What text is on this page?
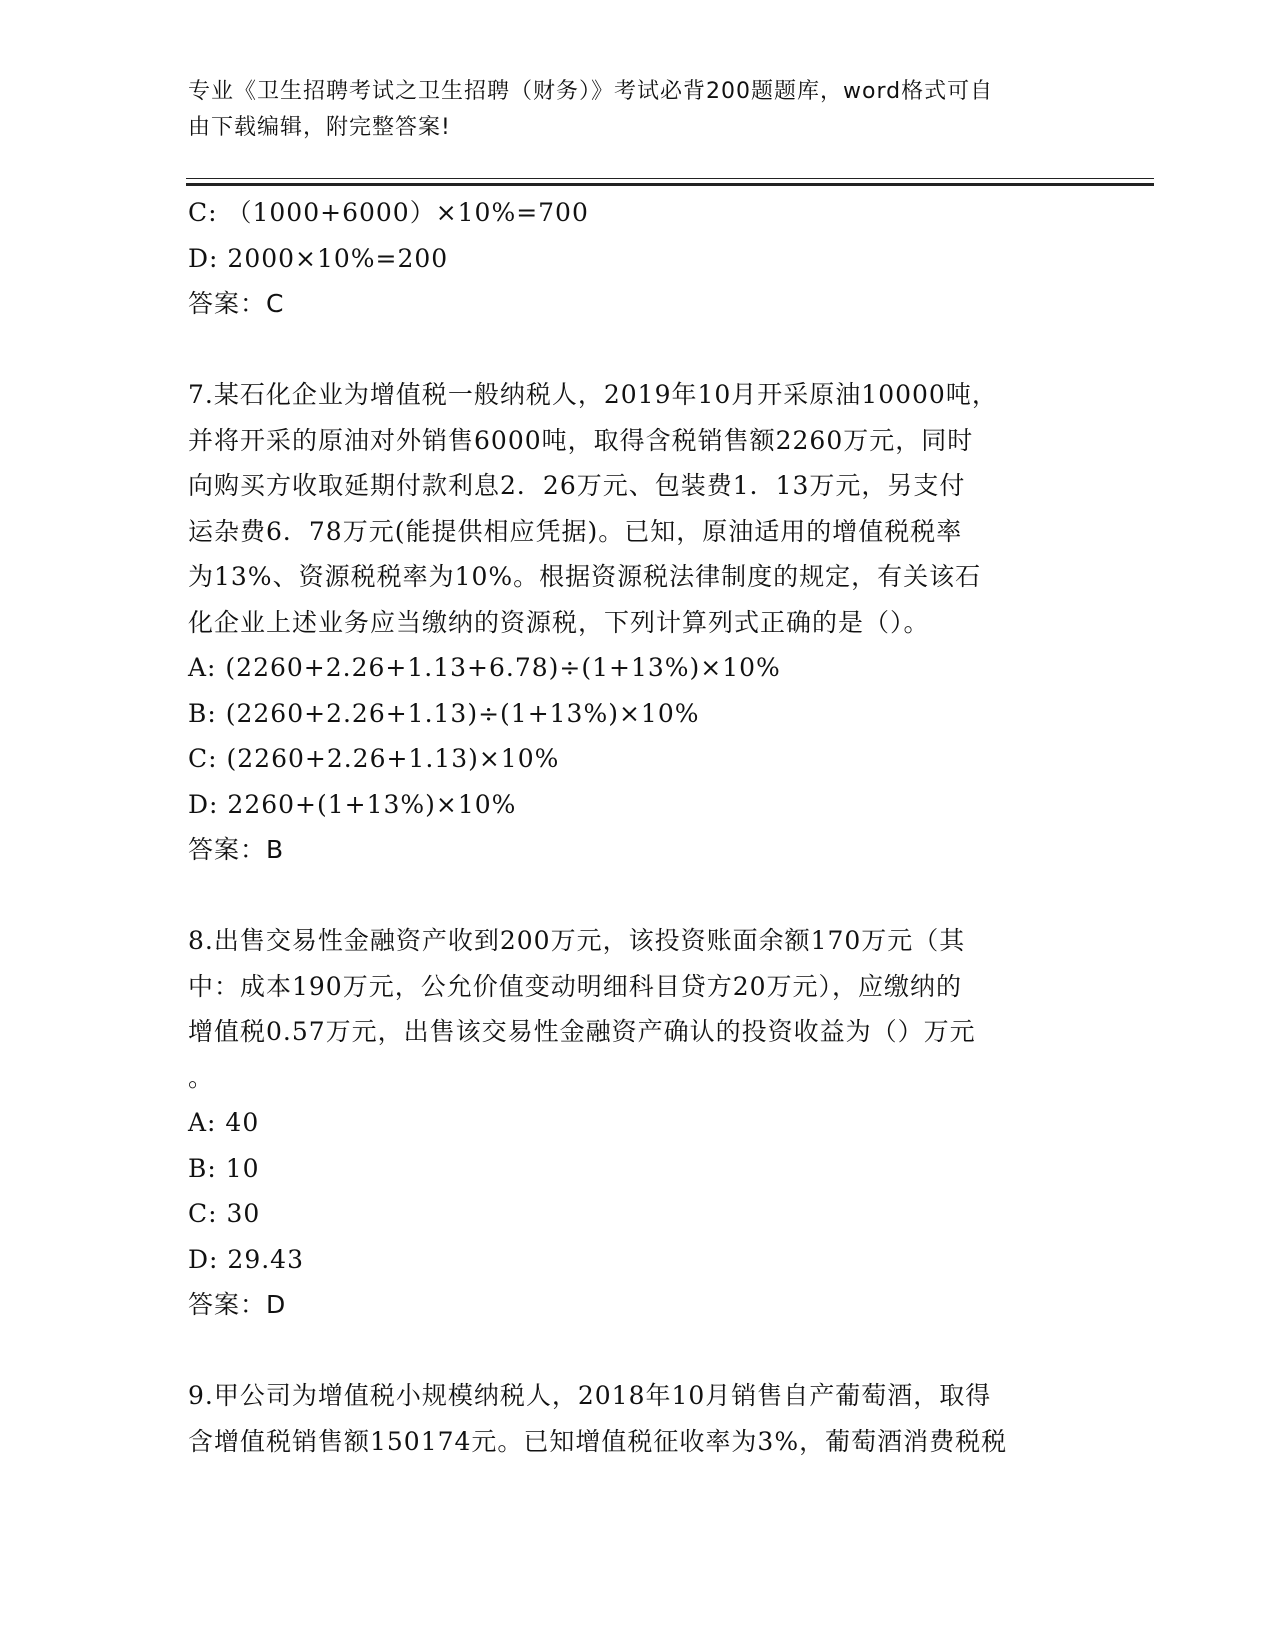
专业《卫生招聘考试之卫生招聘（财务）》考试必背200题题库，word格式可自
由下载编辑，附完整答案!
C: （1000+6000）×10%=700
D: 2000×10%=200
答案：C
7.某石化企业为增值税一般纳税人，2019年10月开采原油10000吨，
并将开采的原油对外销售6000吨，取得含税销售额2260万元，同时
向购买方收取延期付款利息2．26万元、包装费1．13万元，另支付
运杂费6．78万元(能提供相应凭据)。已知，原油适用的增值税税率
为13%、资源税税率为10%。根据资源税法律制度的规定，有关该石
化企业上述业务应当缴纳的资源税，下列计算列式正确的是（）。
A: (2260+2.26+1.13+6.78)÷(1+13%)×10%
B: (2260+2.26+1.13)÷(1+13%)×10%
C: (2260+2.26+1.13)×10%
D: 2260+(1+13%)×10%
答案：B
8.出售交易性金融资产收到200万元，该投资账面余额170万元（其
中：成本190万元，公允价值变动明细科目贷方20万元），应缴纳的
增值税0.57万元，出售该交易性金融资产确认的投资收益为（）万元
。
A: 40
B: 10
C: 30
D: 29.43
答案：D
9.甲公司为增值税小规模纳税人，2018年10月销售自产葡萄酒，取得
含增值税销售额150174元。已知增值税征收率为3%，葡萄酒消费税税
